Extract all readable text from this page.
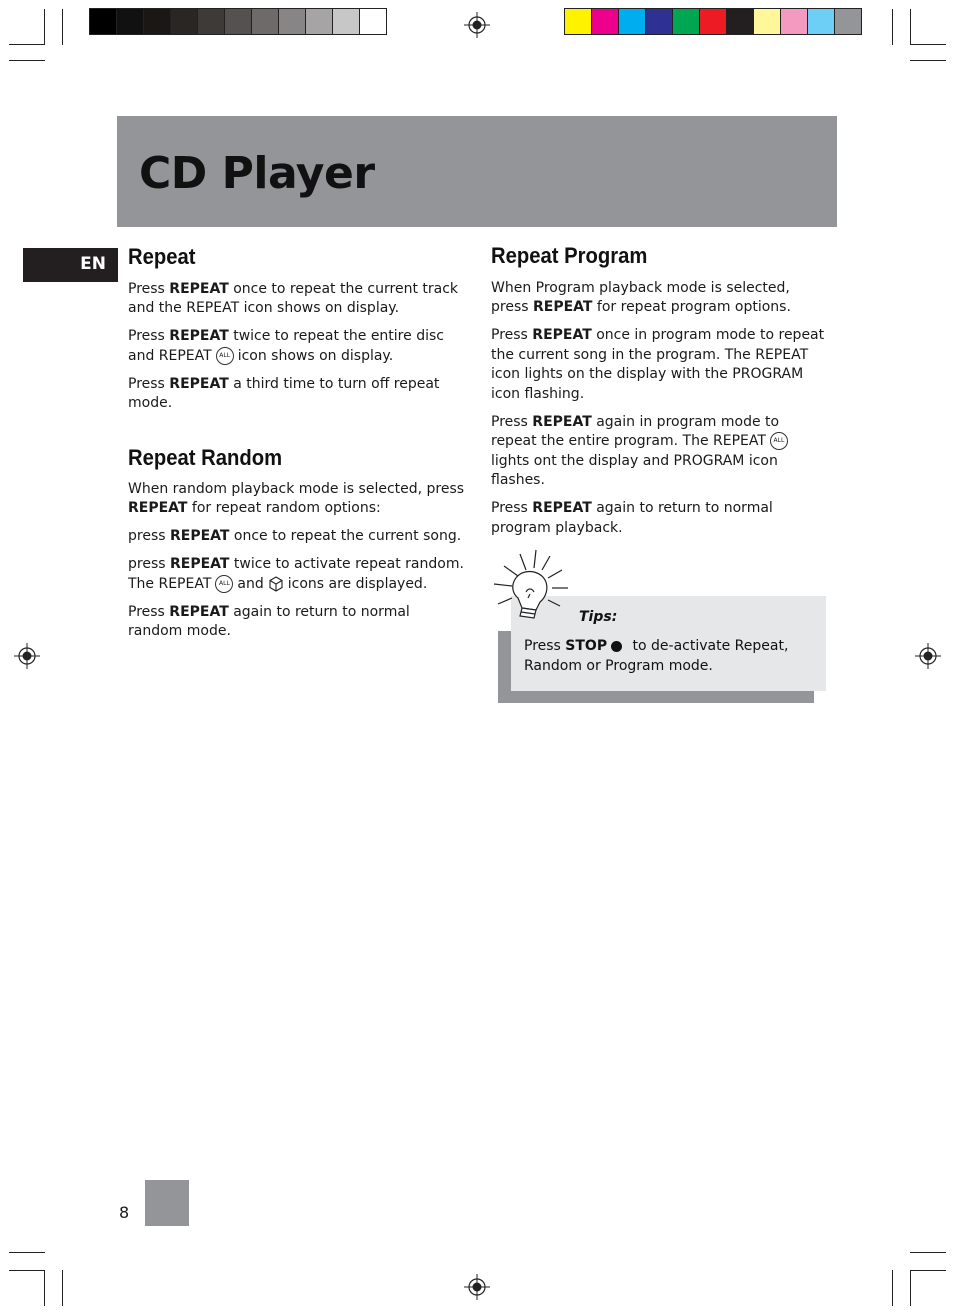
CD Player
EN Repeat

Press REPEAT once to repeat the current track and the REPEAT icon shows on display.

Press REPEAT twice to repeat the entire disc and REPEAT ALL icon shows on display.

Press REPEAT a third time to turn off repeat mode.

Repeat Random

When random playback mode is selected, press REPEAT for repeat random options:

press REPEAT once to repeat the current song.

press REPEAT twice to activate repeat random. The REPEAT ALL and icons are displayed.

Press REPEAT again to return to normal random mode.

Repeat Program

When Program playback mode is selected, press REPEAT for repeat program options.

Press REPEAT once in program mode to repeat the current song in the program. The REPEAT icon lights on the display with the PROGRAM icon flashing.

Press REPEAT again in program mode to repeat the entire program. The REPEAT ALLlights ont the display and PROGRAM icon flashes.

Press REPEAT again to return to normal program playback.

Tips:
Press STOP to de-activate Repeat, Random or Program mode.
8
